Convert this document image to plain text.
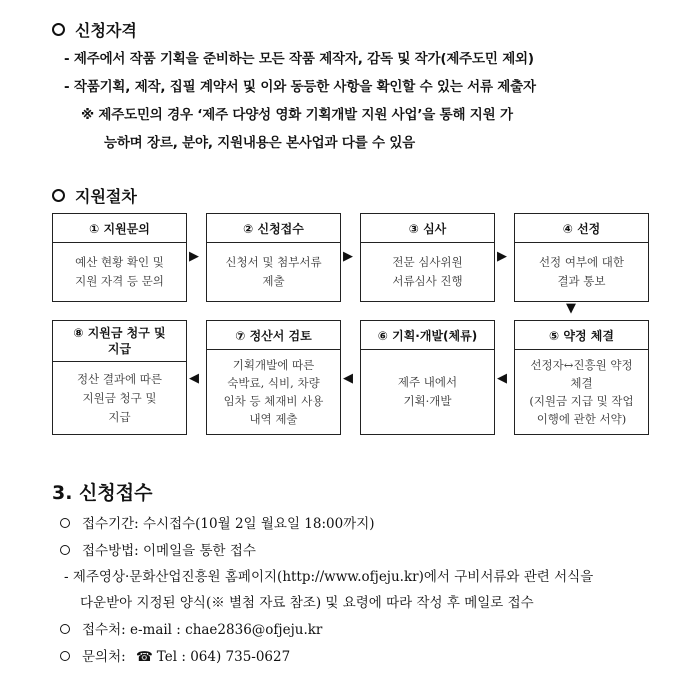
신청자격
- 제주에서 작품 기획을 준비하는 모든 작품 제작자, 감독 및 작가(제주도민 제외)
- 작품기획, 제작, 집필 계약서 및 이와 동등한 사항을 확인할 수 있는 서류 제출자
※ 제주도민의 경우 ‘제주 다양성 영화 기획개발 지원 사업’을 통해 지원 가
능하며 장르, 분야, 지원내용은 본사업과 다를 수 있음
지원절차
① 지원문의
예산 현황 확인 및
지원 자격 등 문의
▶
② 신청접수
신청서 및 첨부서류
제출
▶
③ 심사
전문 심사위원
서류심사 진행
▶
④ 선정
선정 여부에 대한
결과 통보
▼
⑧ 지원금 청구 및
지급
정산 결과에 따른
지원금 청구 및
지급
◀
⑦ 정산서 검토
기획개발에 따른
숙박료, 식비, 차량
임차 등 체재비 사용
내역 제출
◀
⑥ 기획·개발(체류)
제주 내에서
기획·개발
◀
⑤ 약정 체결
선정자↔진흥원 약정
체결
(지원금 지급 및 작업
이행에 관한 서약)
3. 신청접수
접수기간: 수시접수(10월 2일 월요일 18:00까지)
접수방법: 이메일을 통한 접수
- 제주영상·문화산업진흥원 홈페이지(http://www.ofjeju.kr)에서 구비서류와 관련 서식을
다운받아 지정된 양식(※ 별첨 자료 참조) 및 요령에 따라 작성 후 메일로 접수
접수처: e-mail : chae2836@ofjeju.kr
문의처: ☎ Tel : 064) 735-0627
